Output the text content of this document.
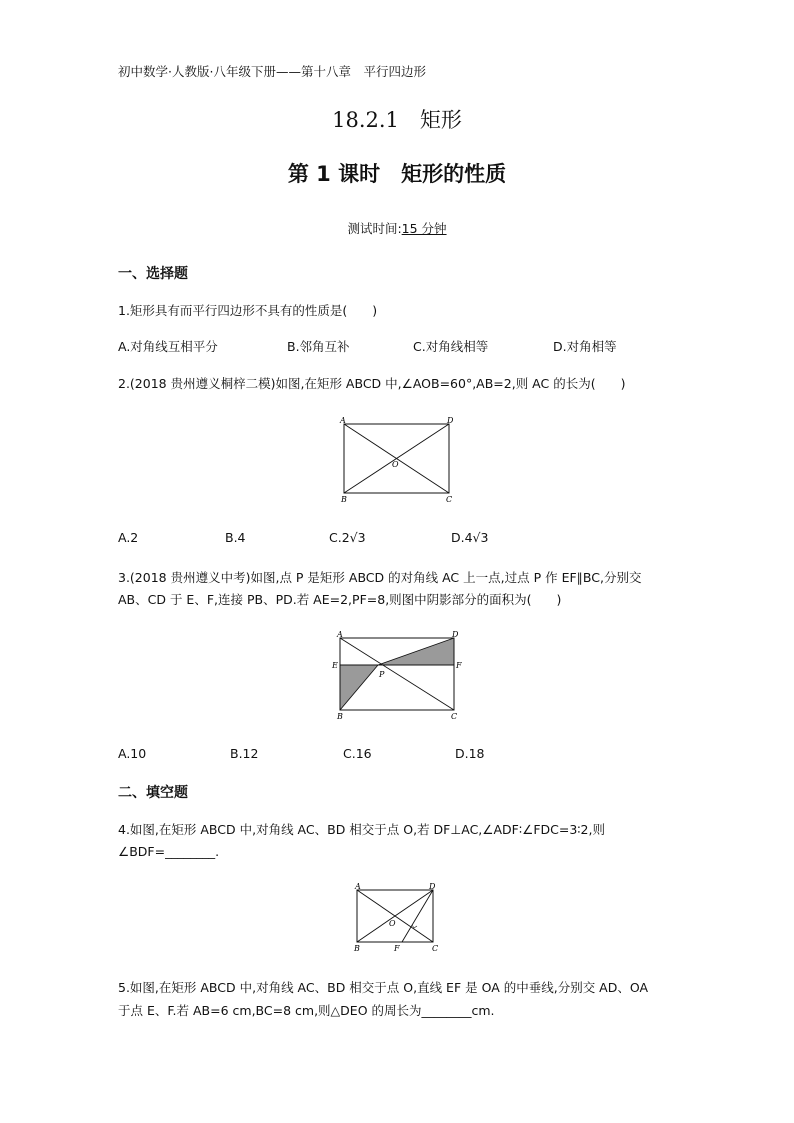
初中数学·人教版·八年级下册——第十八章　平行四边形
18.2.1　矩形
第 1 课时　矩形的性质
测试时间:15 分钟
一、选择题
1.矩形具有而平行四边形不具有的性质是(　　)
A.对角线互相平分	B.邻角互补	C.对角线相等	D.对角相等
2.(2018 贵州遵义桐梓二模)如图,在矩形 ABCD 中,∠AOB=60°,AB=2,则 AC 的长为(　　)
A	D
O
B	C
A.2	B.4	C.2√3	D.4√3
3.(2018 贵州遵义中考)如图,点 P 是矩形 ABCD 的对角线 AC 上一点,过点 P 作 EF∥BC,分别交
AB、CD 于 E、F,连接 PB、PD.若 AE=2,PF=8,则图中阴影部分的面积为(　　)
A	D
E	F
P
B	C
A.10	B.12	C.16	D.18
二、填空题
4.如图,在矩形 ABCD 中,对角线 AC、BD 相交于点 O,若 DF⊥AC,∠ADF∶∠FDC=3∶2,则
∠BDF=________.
A	D
O
B	F	C
5.如图,在矩形 ABCD 中,对角线 AC、BD 相交于点 O,直线 EF 是 OA 的中垂线,分别交 AD、OA
于点 E、F.若 AB=6 cm,BC=8 cm,则△DEO 的周长为________cm.
